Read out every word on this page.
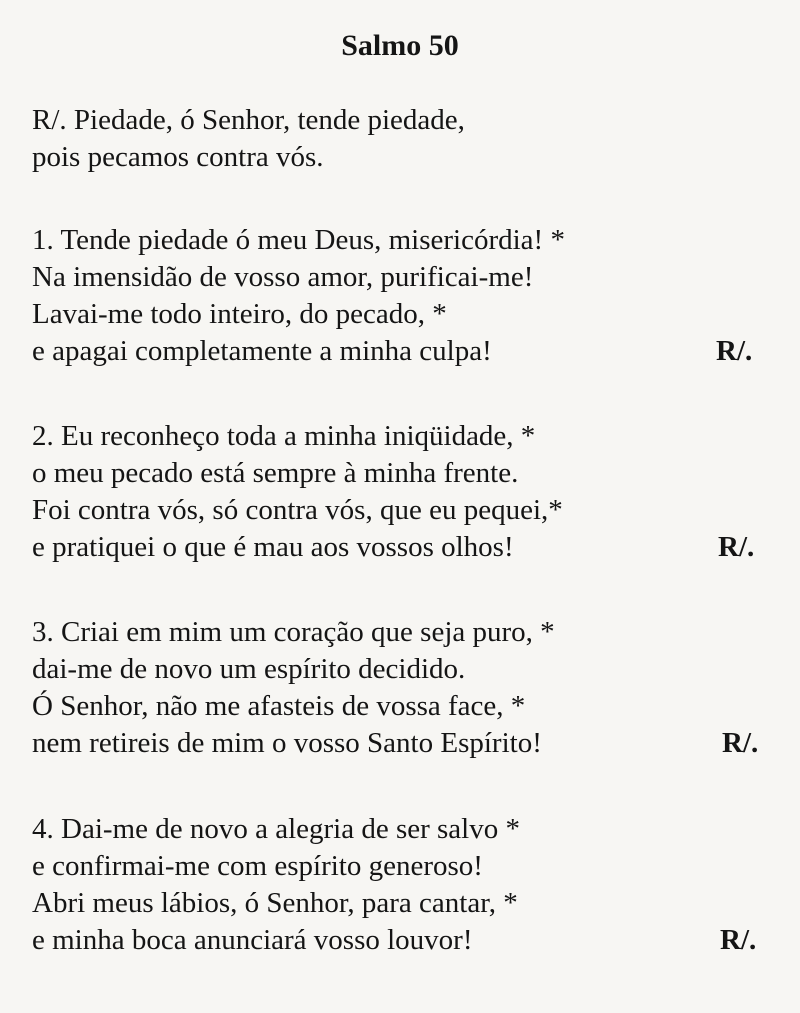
Salmo 50
R/. Piedade, ó Senhor, tende piedade,
pois pecamos contra vós.
1. Tende piedade ó meu Deus, misericórdia! *
Na imensidão de vosso amor, purificai-me!
Lavai-me todo inteiro, do pecado, *
e apagai completamente a minha culpa!	R/.
2. Eu reconheço toda a minha iniqüidade, *
o meu pecado está sempre à minha frente.
Foi contra vós, só contra vós, que eu pequei,*
e pratiquei o que é mau aos vossos olhos!	R/.
3. Criai em mim um coração que seja puro, *
dai-me de novo um espírito decidido.
Ó Senhor, não me afasteis de vossa face, *
nem retireis de mim o vosso Santo Espírito!	R/.
4. Dai-me de novo a alegria de ser salvo *
e confirmai-me com espírito generoso!
Abri meus lábios, ó Senhor, para cantar, *
e minha boca anunciará vosso louvor!	R/.
